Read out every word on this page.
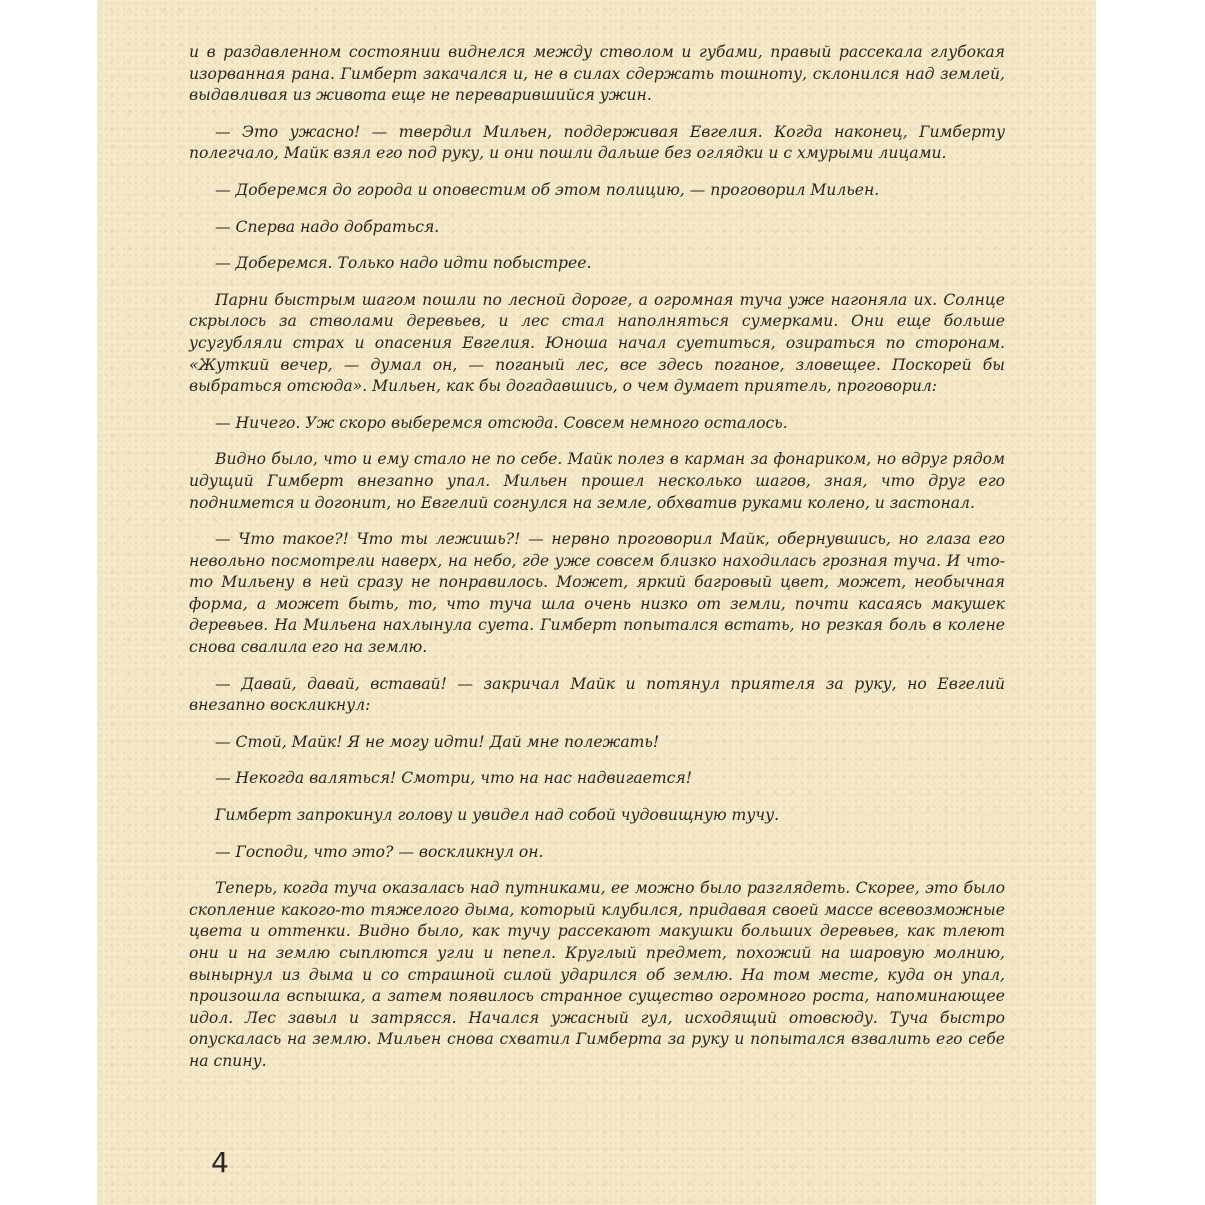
и в раздавленном состоянии виднелся между стволом и губами, правый рассекала глубокая изорванная рана. Гимберт закачался и, не в силах сдержать тошноту, склонился над землей, выдавливая из живота еще не переварившийся ужин.

— Это ужасно! — твердил Мильен, поддерживая Евгелия. Когда наконец, Гимберту полегчало, Майк взял его под руку, и они пошли дальше без оглядки и с хмурыми лицами.

— Доберемся до города и оповестим об этом полицию, — проговорил Мильен.

— Сперва надо добраться.

— Доберемся. Только надо идти побыстрее.

Парни быстрым шагом пошли по лесной дороге, а огромная туча уже нагоняла их. Солнце скрылось за стволами деревьев, и лес стал наполняться сумерками. Они еще больше усугубляли страх и опасения Евгелия. Юноша начал суетиться, озираться по сторонам. «Жуткий вечер, — думал он, — поганый лес, все здесь поганое, зловещее. Поскорей бы выбраться отсюда». Мильен, как бы догадавшись, о чем думает приятель, проговорил:

— Ничего. Уж скоро выберемся отсюда. Совсем немного осталось.

Видно было, что и ему стало не по себе. Майк полез в карман за фонариком, но вдруг рядом идущий Гимберт внезапно упал. Мильен прошел несколько шагов, зная, что друг его поднимется и догонит, но Евгелий согнулся на земле, обхватив руками колено, и застонал.

— Что такое?! Что ты лежишь?! — нервно проговорил Майк, обернувшись, но глаза его невольно посмотрели наверх, на небо, где уже совсем близко находилась грозная туча. И что-то Мильену в ней сразу не понравилось. Может, яркий багровый цвет, может, необычная форма, а может быть, то, что туча шла очень низко от земли, почти касаясь макушек деревьев. На Мильена нахлынула суета. Гимберт попытался встать, но резкая боль в колене снова свалила его на землю.

— Давай, давай, вставай! — закричал Майк и потянул приятеля за руку, но Евгелий внезапно воскликнул:

— Стой, Майк! Я не могу идти! Дай мне полежать!

— Некогда валяться! Смотри, что на нас надвигается!

Гимберт запрокинул голову и увидел над собой чудовищную тучу.

— Господи, что это? — воскликнул он.

Теперь, когда туча оказалась над путниками, ее можно было разглядеть. Скорее, это было скопление какого-то тяжелого дыма, который клубился, придавая своей массе всевозможные цвета и оттенки. Видно было, как тучу рассекают макушки больших деревьев, как тлеют они и на землю сыплются угли и пепел. Круглый предмет, похожий на шаровую молнию, вынырнул из дыма и со страшной силой ударился об землю. На том месте, куда он упал, произошла вспышка, а затем появилось странное существо огромного роста, напоминающее идол. Лес завыл и затрясся. Начался ужасный гул, исходящий отовсюду. Туча быстро опускалась на землю. Мильен снова схватил Гимберта за руку и попытался взвалить его себе на спину.

4
